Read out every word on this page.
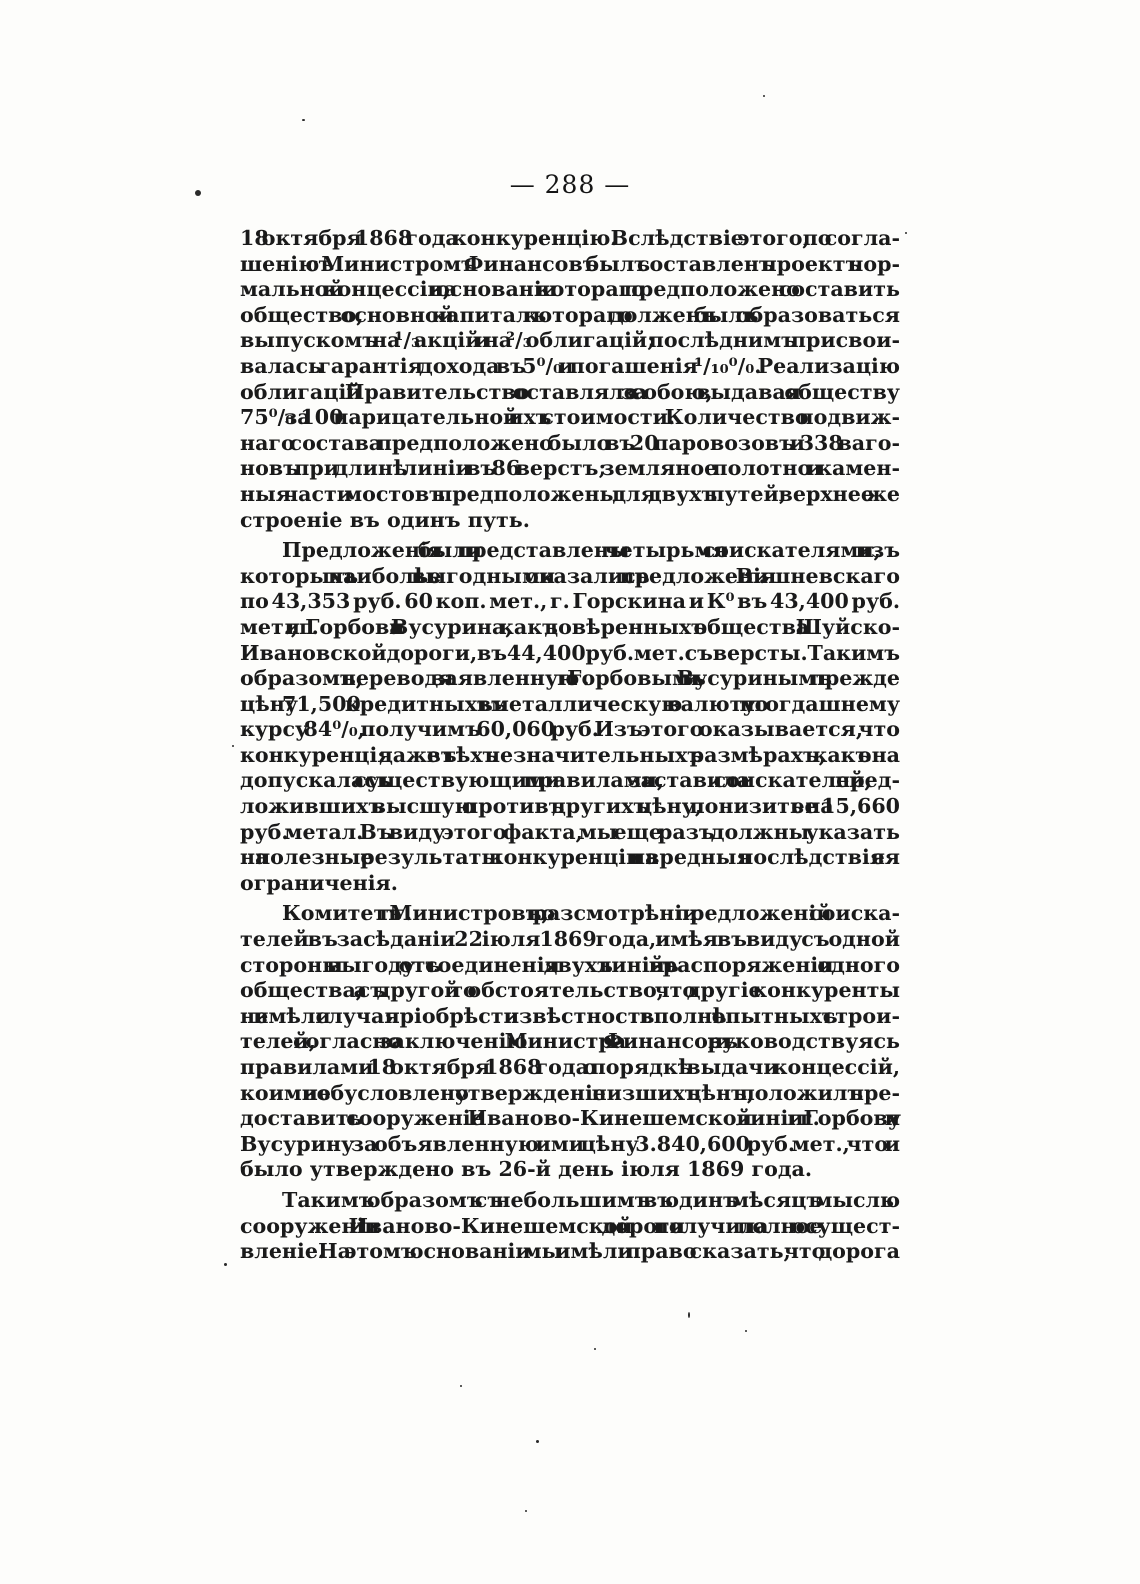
— 288 —

18 октября 1868 года конкуренцію. Вслѣдствіе этого, по согла-
шенію съ Министромъ Финансовъ былъ составленъ проектъ нор-
мальной концессіи, на основаніи котораго предположено составить
общество, основной капиталъ котораго долженъ былъ образоваться
выпускомъ на ¹/₃ акцій и на ²/₃ облигацій; послѣднимъ присвои-
валась гарантія дохода въ 5⁰/₀ и погашенія ¹/₁₀⁰/₀. Реализацію
облигацій Правительство оставляло за собою, выдавая обществу
75⁰/₀ за 100 нарицательной ихъ стоимости. Количество подвиж-
наго состава предположено было въ 20 паровозовъ и 338 ваго-
новъ при длинѣ линіи въ 86 верстъ; земляное полотно и камен-
ныя части мостовъ предположены для двухъ путей; верхнее же
строеніе въ одинъ путь.

Предложенія были представлены четырьмя соискателями, изъ
которыхъ наиболѣе выгодными оказались предложенія г. Вишневскаго
по 43,353 руб. 60 коп. мет., г. Горскина и К⁰ въ 43,400 руб.
мет., и гг. Горбова и Вусурина, какъ довѣренныхъ общества Шуйско-
Ивановской дороги, въ 44,400 руб. мет. съ версты. Такимъ
образомъ, переводя заявленную гг. Горбовымъ и Вусуринымъ прежде
цѣну 71,500 кредитныхъ въ металлическую валюту по тогдашнему
курсу 84⁰/₀, получимъ 60,060 руб. Изъ этого оказывается, что
конкуренція даже въ тѣхъ незначительныхъ размѣрахъ, какъ она
допускалась существующими правилами, заставила соискателей, пред-
ложившихъ высшую противъ другихъ цѣну, понизить ее на 15,660
руб. метал. Въ виду этого факта, мы еще разъ должны указать
на полезные результаты конкуренціи и на вредныя послѣдствія ея
ограниченія.

Комитетъ гг. Министровъ, по разсмотрѣніи предложеній соиска-
телей въ засѣданіи 22 іюля 1869 года, имѣя въ виду съ одной
стороны выгоду отъ соединенія двухъ линій въ распоряженіи одного
общества, а съ другой то обстоятельство, что другіе конкуренты
не имѣли случая пріобрѣсти извѣстность вполнѣ опытныхъ строи-
телей, согласно заключенію Министра Финансовъ и руководствуясь
правилами 18 октября 1868 года о порядкѣ выдачи концессій,
коими не обусловлено утвержденіе низшихъ цѣнъ, положилъ пре-
доставить сооруженіе Иваново-Кинешемской линіи гг. Горбову и
Вусурину за объявленную ими цѣну 3.840,600 руб. мет., что и
было утверждено въ 26-й день іюля 1869 года.

Такимъ образомъ съ небольшимъ въ одинъ мѣсяцъ мысль о
сооруженіи Иваново-Кинешемской дороги получила полное осущест-
вленіе. На этомъ основаніи мы имѣли право сказать, что дорога
